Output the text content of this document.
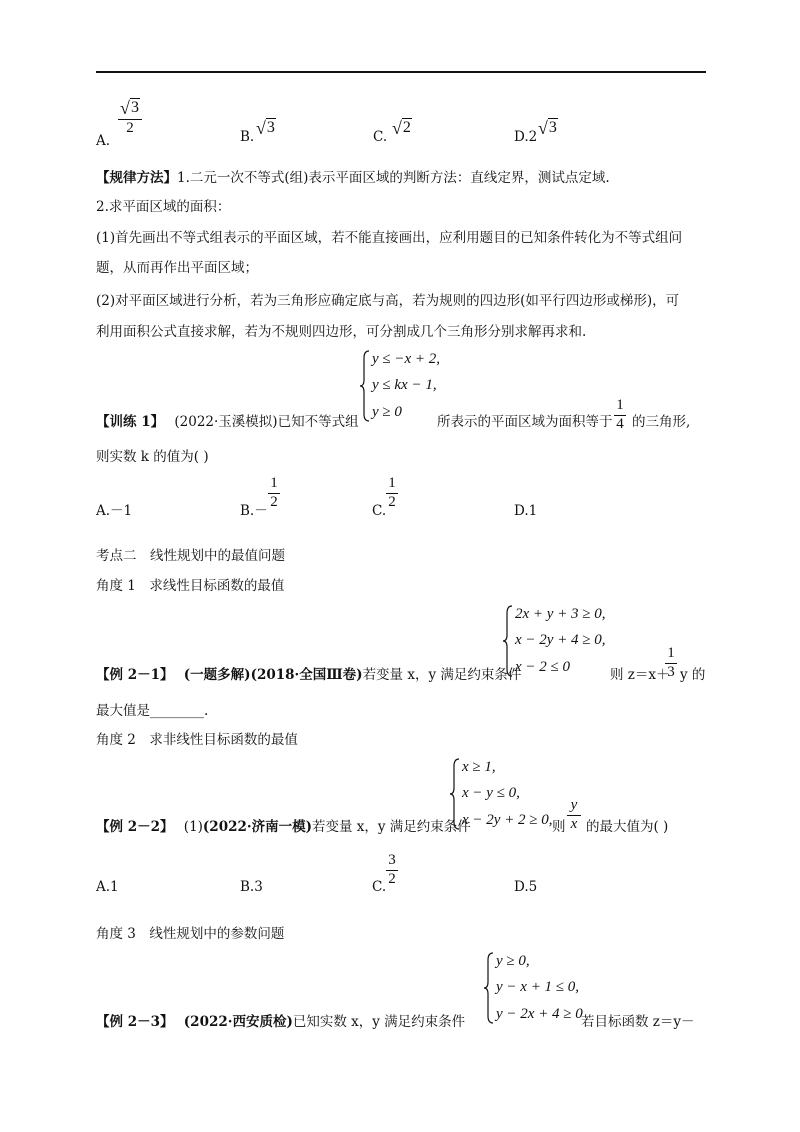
A.
√ 3
2
B. √ 3
C. √ 2
D.2 √ 3
【规律方法】1.二元一次不等式(组)表示平面区域的判断方法：直线定界，测试点定域.
2.求平面区域的面积：
(1)首先画出不等式组表示的平面区域，若不能直接画出，应利用题目的已知条件转化为不等式组问
题，从而再作出平面区域；
(2)对平面区域进行分析，若为三角形应确定底与高，若为规则的四边形(如平行四边形或梯形)，可
利用面积公式直接求解，若为不规则四边形，可分割成几个三角形分别求解再求和.
【训练 1】 (2022·玉溪模拟)已知不等式组
y ≤ −x + 2,
y ≤ kx − 1,
y ≥ 0
所表示的平面区域为面积等于
1
4 的三角形,
则实数 k 的值为( )
A.－1	B.－
1
2
C.
1
2
D.1
考点二　线性规划中的最值问题
角度 1　求线性目标函数的最值
【例 2－1】 (一题多解)(2018·全国Ⅲ卷)若变量 x，y 满足约束条件
2x + y + 3 ≥ 0,
x − 2y + 4 ≥ 0,
x − 2 ≤ 0
则 z＝x＋
1
3 y 的
最大值是________.
角度 2　求非线性目标函数的最值
【例 2－2】 (1)(2022·济南一模)若变量 x，y 满足约束条件
x ≥ 1,
x − y ≤ 0,
x − 2y + 2 ≥ 0, 则
y
x 的最大值为( )
A.1	B.3	C.
3
2
D.5
角度 3　线性规划中的参数问题
【例 2－3】 (2022·西安质检)已知实数 x，y 满足约束条件
y ≥ 0,
y − x + 1 ≤ 0,
y − 2x + 4 ≥ 0
若目标函数 z＝y－
